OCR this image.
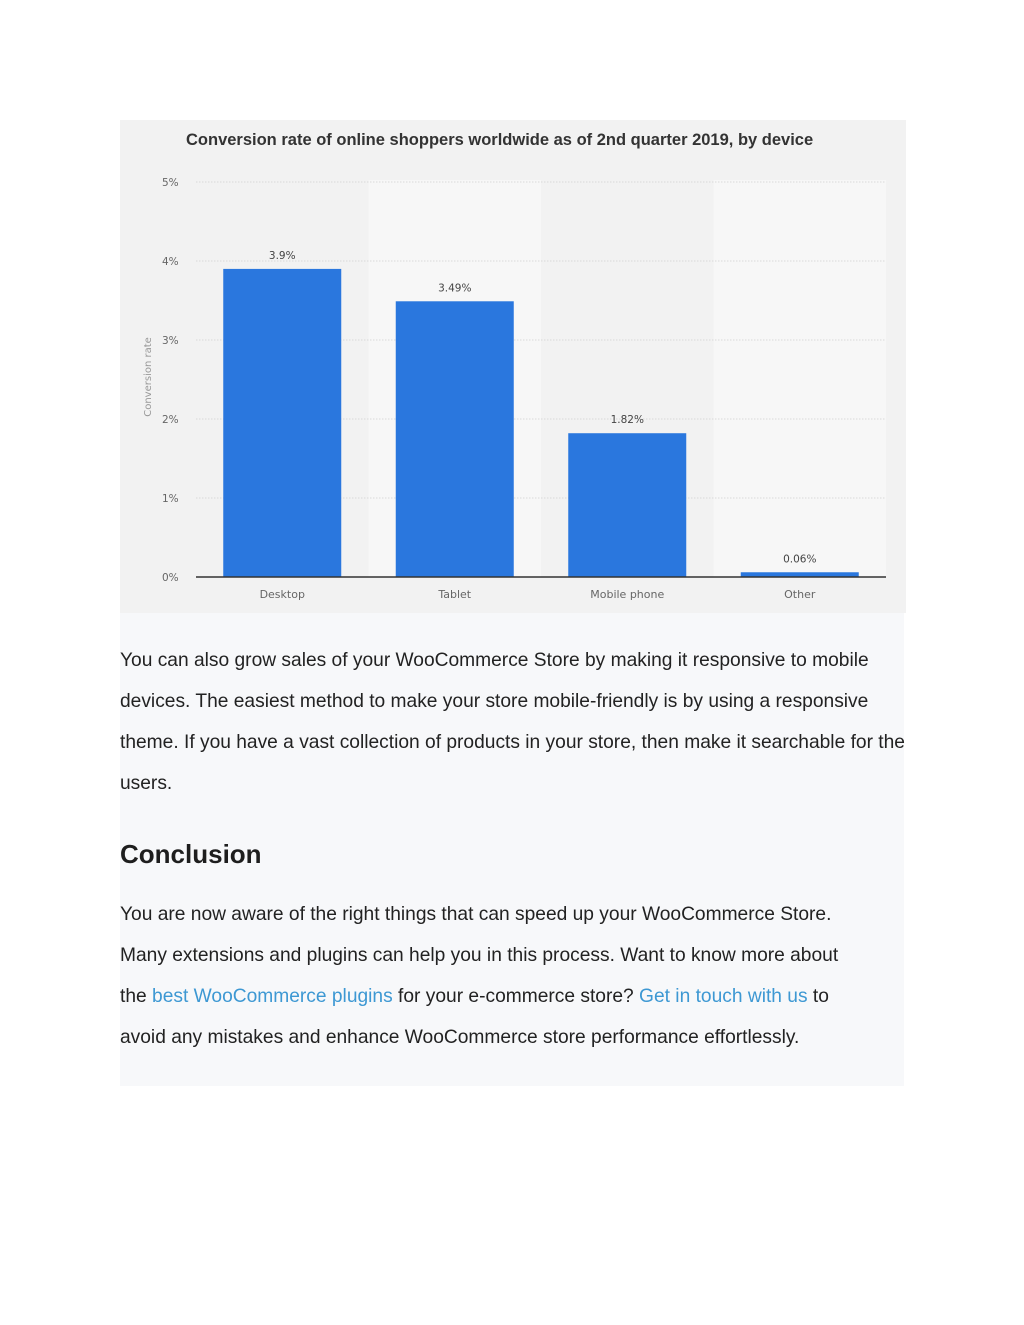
Conversion rate of online shoppers worldwide as of 2nd quarter 2019, by device
Conversion rate
0%
1%
2%
3%
4%
5%
3.9%
3.49%
1.82%
0.06%
Desktop	Tablet	Mobile phone	Other

You can also grow sales of your WooCommerce Store by making it responsive to mobile devices. The easiest method to make your store mobile-friendly is by using a responsive theme. If you have a vast collection of products in your store, then make it searchable for the users.

Conclusion
You are now aware of the right things that can speed up your WooCommerce Store.
Many extensions and plugins can help you in this process. Want to know more about
the best WooCommerce plugins for your e-commerce store? Get in touch with us to
avoid any mistakes and enhance WooCommerce store performance effortlessly.
